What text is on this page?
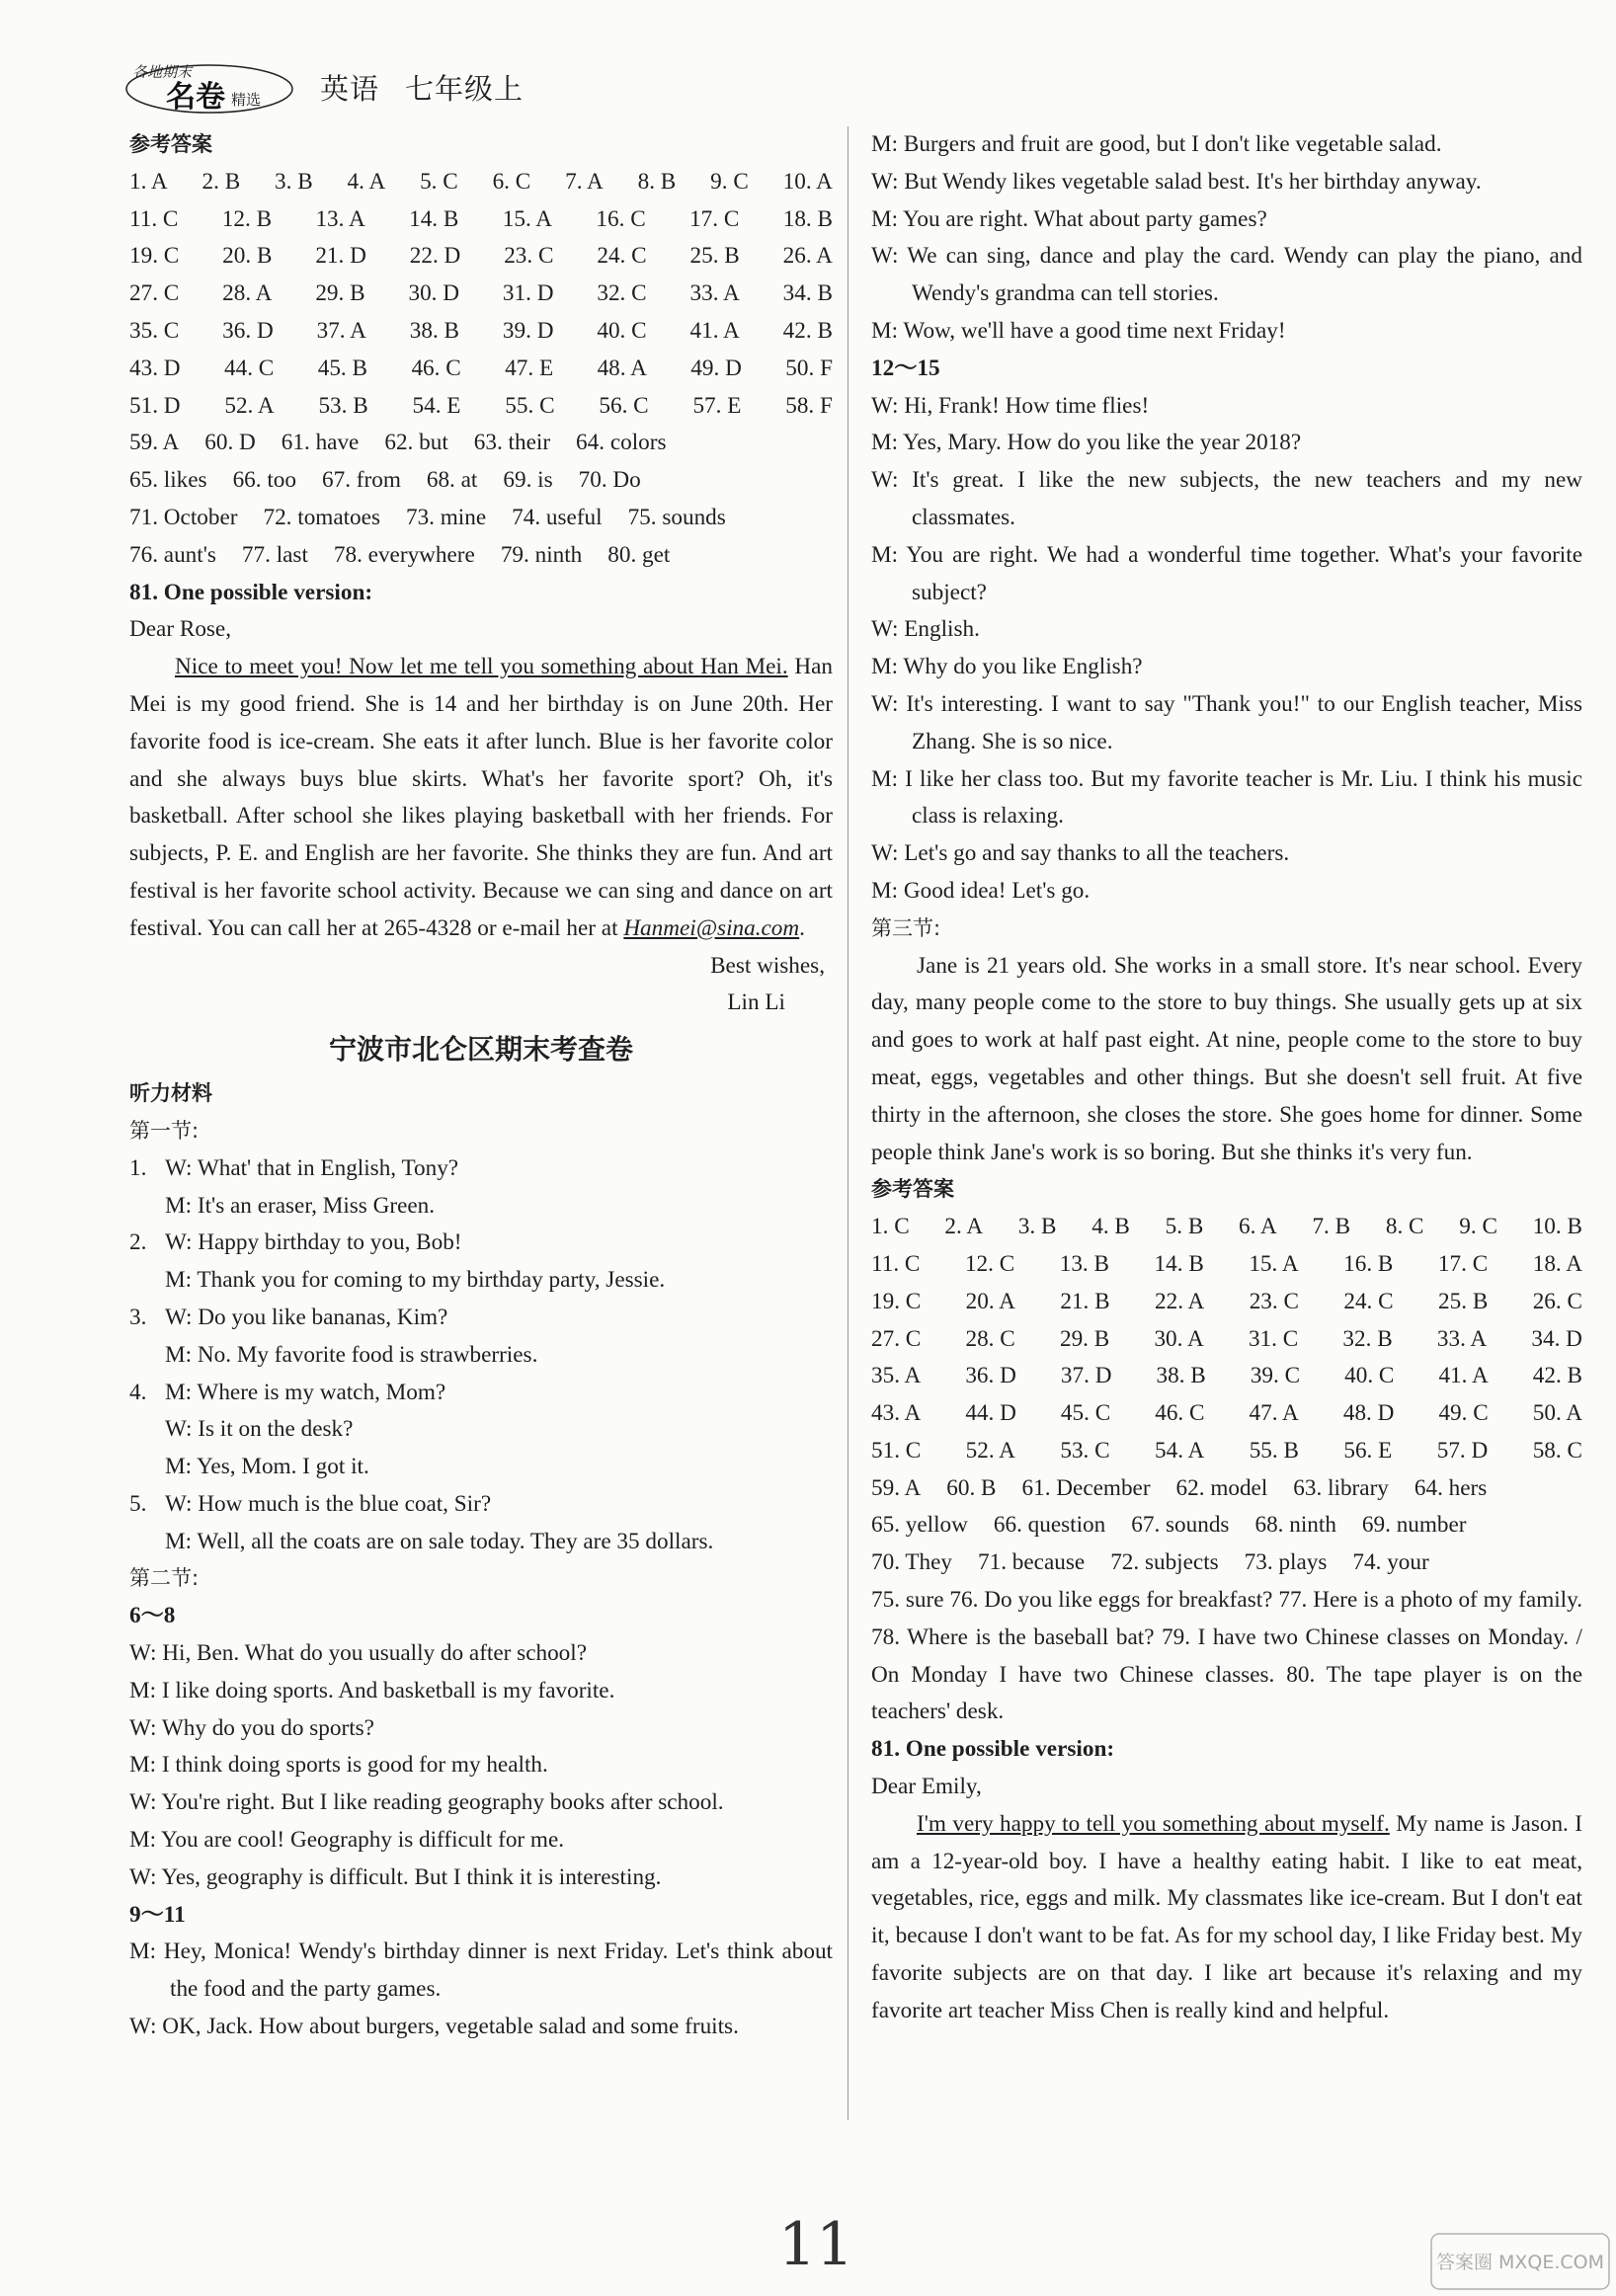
各地期末
名卷 精选 英语 七年级上
参考答案
1. A 2. B 3. B 4. A 5. C 6. C 7. A 8. B 9. C 10. A
11. C 12. B 13. A 14. B 15. A 16. C 17. C 18. B
19. C 20. B 21. D 22. D 23. C 24. C 25. B 26. A
27. C 28. A 29. B 30. D 31. D 32. C 33. A 34. B
35. C 36. D 37. A 38. B 39. D 40. C 41. A 42. B
43. D 44. C 45. B 46. C 47. E 48. A 49. D 50. F
51. D 52. A 53. B 54. E 55. C 56. C 57. E 58. F
59. A 60. D 61. have 62. but 63. their 64. colors
65. likes 66. too 67. from 68. at 69. is 70. Do
71. October 72. tomatoes 73. mine 74. useful 75. sounds
76. aunt's 77. last 78. everywhere 79. ninth 80. get
81. One possible version:
Dear Rose,
Nice to meet you! Now let me tell you something about Han Mei. Han Mei is my good friend. She is 14 and her birthday is on June 20th. Her favorite food is ice-cream. She eats it after lunch. Blue is her favorite color and she always buys blue skirts. What's her favorite sport? Oh, it's basketball. After school she likes playing basketball with her friends. For subjects, P. E. and English are her favorite. She thinks they are fun. And art festival is her favorite school activity. Because we can sing and dance on art festival. You can call her at 265-4328 or e-mail her at Hanmei@sina.com.
Best wishes,
Lin Li
宁波市北仑区期末考查卷
听力材料
第一节:
1. W: What' that in English, Tony?
M: It's an eraser, Miss Green.
2. W: Happy birthday to you, Bob!
M: Thank you for coming to my birthday party, Jessie.
3. W: Do you like bananas, Kim?
M: No. My favorite food is strawberries.
4. M: Where is my watch, Mom?
W: Is it on the desk?
M: Yes, Mom. I got it.
5. W: How much is the blue coat, Sir?
M: Well, all the coats are on sale today. They are 35 dollars.
第二节:
6～8
W: Hi, Ben. What do you usually do after school?
M: I like doing sports. And basketball is my favorite.
W: Why do you do sports?
M: I think doing sports is good for my health.
W: You're right. But I like reading geography books after school.
M: You are cool! Geography is difficult for me.
W: Yes, geography is difficult. But I think it is interesting.
9～11
M: Hey, Monica! Wendy's birthday dinner is next Friday. Let's think about the food and the party games.
W: OK, Jack. How about burgers, vegetable salad and some fruits.
M: Burgers and fruit are good, but I don't like vegetable salad.
W: But Wendy likes vegetable salad best. It's her birthday anyway.
M: You are right. What about party games?
W: We can sing, dance and play the card. Wendy can play the piano, and Wendy's grandma can tell stories.
M: Wow, we'll have a good time next Friday!
12～15
W: Hi, Frank! How time flies!
M: Yes, Mary. How do you like the year 2018?
W: It's great. I like the new subjects, the new teachers and my new classmates.
M: You are right. We had a wonderful time together. What's your favorite subject?
W: English.
M: Why do you like English?
W: It's interesting. I want to say "Thank you!" to our English teacher, Miss Zhang. She is so nice.
M: I like her class too. But my favorite teacher is Mr. Liu. I think his music class is relaxing.
W: Let's go and say thanks to all the teachers.
M: Good idea! Let's go.
第三节:
Jane is 21 years old. She works in a small store. It's near school. Every day, many people come to the store to buy things. She usually gets up at six and goes to work at half past eight. At nine, people come to the store to buy meat, eggs, vegetables and other things. But she doesn't sell fruit. At five thirty in the afternoon, she closes the store. She goes home for dinner. Some people think Jane's work is so boring. But she thinks it's very fun.
参考答案
1. C 2. A 3. B 4. B 5. B 6. A 7. B 8. C 9. C 10. B
11. C 12. C 13. B 14. B 15. A 16. B 17. C 18. A
19. C 20. A 21. B 22. A 23. C 24. C 25. B 26. C
27. C 28. C 29. B 30. A 31. C 32. B 33. A 34. D
35. A 36. D 37. D 38. B 39. C 40. C 41. A 42. B
43. A 44. D 45. C 46. C 47. A 48. D 49. C 50. A
51. C 52. A 53. C 54. A 55. B 56. E 57. D 58. C
59. A 60. B 61. December 62. model 63. library 64. hers
65. yellow 66. question 67. sounds 68. ninth 69. number
70. They 71. because 72. subjects 73. plays 74. your
75. sure 76. Do you like eggs for breakfast? 77. Here is a photo of my family. 78. Where is the baseball bat? 79. I have two Chinese classes on Monday. / On Monday I have two Chinese classes. 80. The tape player is on the teachers' desk.
81. One possible version:
Dear Emily,
I'm very happy to tell you something about myself. My name is Jason. I am a 12-year-old boy. I have a healthy eating habit. I like to eat meat, vegetables, rice, eggs and milk. My classmates like ice-cream. But I don't eat it, because I don't want to be fat. As for my school day, I like Friday best. My favorite subjects are on that day. I like art because it's relaxing and my favorite art teacher Miss Chen is really kind and helpful.
11	答案圈 MXQE.COM
